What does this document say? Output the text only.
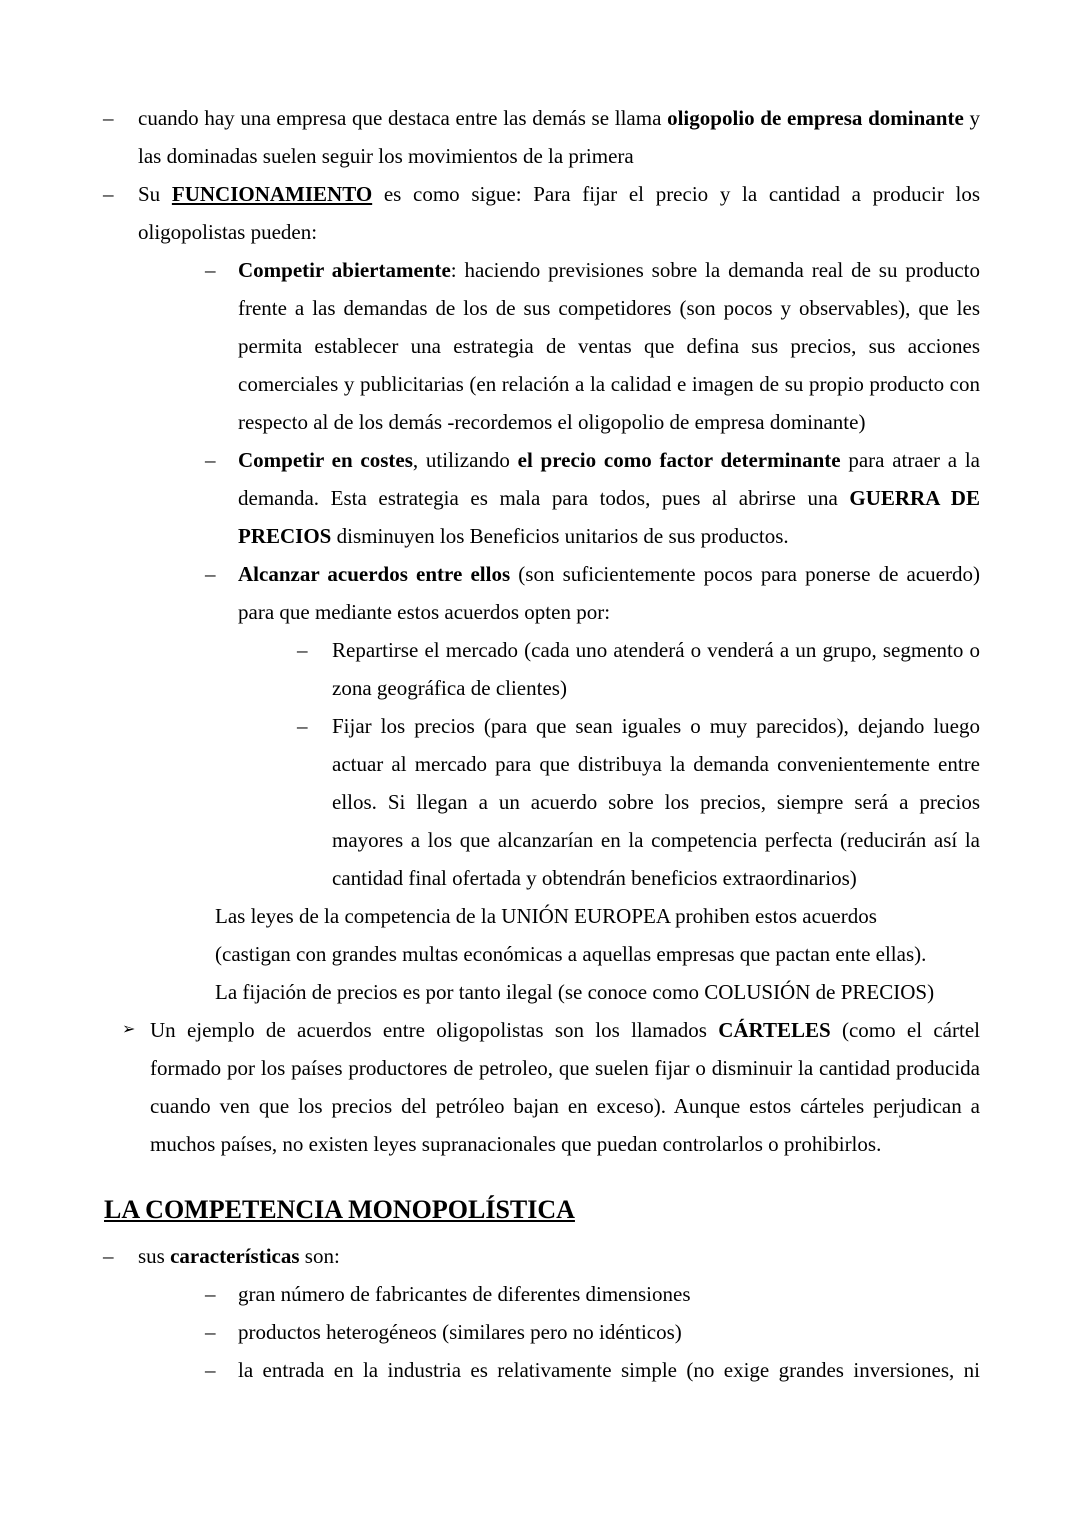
– cuando hay una empresa que destaca entre las demás se llama oligopolio de empresa dominante y las dominadas suelen seguir los movimientos de la primera
– Su FUNCIONAMIENTO es como sigue: Para fijar el precio y la cantidad a producir los oligopolistas pueden:
– Competir abiertamente: haciendo previsiones sobre la demanda real de su producto frente a las demandas de los de sus competidores (son pocos y observables), que les permita establecer una estrategia de ventas que defina sus precios, sus acciones comerciales y publicitarias (en relación a la calidad e imagen de su propio producto con respecto al de los demás -recordemos el oligopolio de empresa dominante)
– Competir en costes, utilizando el precio como factor determinante para atraer a la demanda. Esta estrategia es mala para todos, pues al abrirse una GUERRA DE PRECIOS disminuyen los Beneficios unitarios de sus productos.
– Alcanzar acuerdos entre ellos (son suficientemente pocos para ponerse de acuerdo) para que mediante estos acuerdos opten por:
– Repartirse el mercado (cada uno atenderá o venderá a un grupo, segmento o zona geográfica de clientes)
– Fijar los precios (para que sean iguales o muy parecidos), dejando luego actuar al mercado para que distribuya la demanda convenientemente entre ellos. Si llegan a un acuerdo sobre los precios, siempre será a precios mayores a los que alcanzarían en la competencia perfecta (reducirán así la cantidad final ofertada y obtendrán beneficios extraordinarios)
Las leyes de la competencia de la UNIÓN EUROPEA prohiben estos acuerdos
(castigan con grandes multas económicas a aquellas empresas que pactan ente ellas).
La fijación de precios es por tanto ilegal (se conoce como COLUSIÓN de PRECIOS)
➢ Un ejemplo de acuerdos entre oligopolistas son los llamados CÁRTELES (como el cártel formado por los países productores de petroleo, que suelen fijar o disminuir la cantidad producida cuando ven que los precios del petróleo bajan en exceso). Aunque estos cárteles perjudican a muchos países, no existen leyes supranacionales que puedan controlarlos o prohibirlos.
LA COMPETENCIA MONOPOLÍSTICA
– sus características son:
– gran número de fabricantes de diferentes dimensiones
– productos heterogéneos (similares pero no idénticos)
– la entrada en la industria es relativamente simple (no exige grandes inversiones, ni
